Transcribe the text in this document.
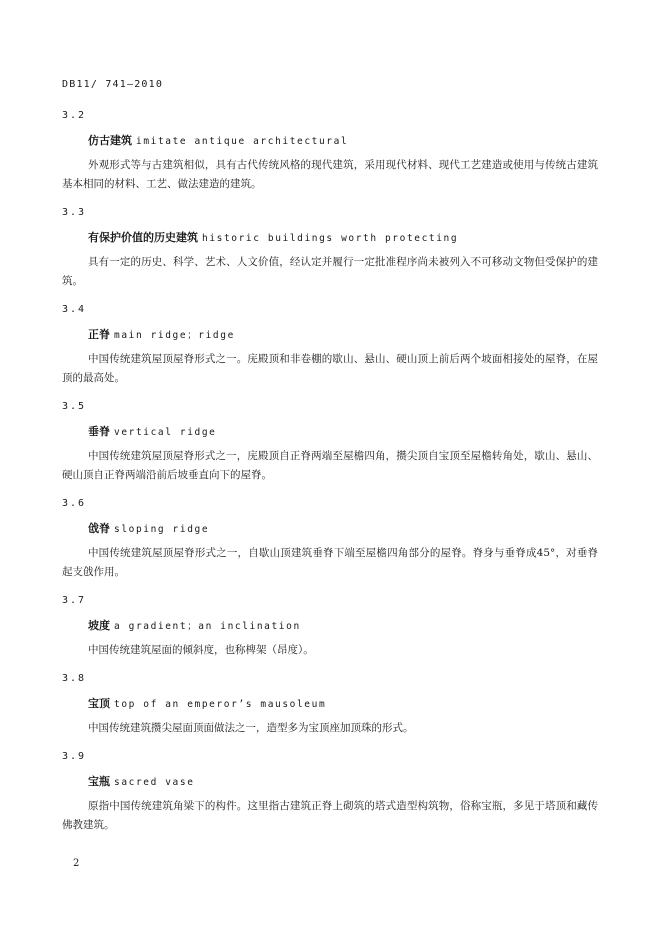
DB11/ 741—2010
3.2
仿古建筑 imitate antique architectural
外观形式等与古建筑相似，具有古代传统风格的现代建筑，采用现代材料、现代工艺建造或使用与传统古建筑基本相同的材料、工艺、做法建造的建筑。
3.3
有保护价值的历史建筑 historic buildings worth protecting
具有一定的历史、科学、艺术、人文价值，经认定并履行一定批准程序尚未被列入不可移动文物但受保护的建筑。
3.4
正脊 main ridge；ridge
中国传统建筑屋顶屋脊形式之一。庑殿顶和非卷棚的歇山、悬山、硬山顶上前后两个坡面相接处的屋脊，在屋顶的最高处。
3.5
垂脊 vertical ridge
中国传统建筑屋顶屋脊形式之一，庑殿顶自正脊两端至屋檐四角，攒尖顶自宝顶至屋檐转角处，歇山、悬山、硬山顶自正脊两端沿前后坡垂直向下的屋脊。
3.6
戗脊 sloping ridge
中国传统建筑屋顶屋脊形式之一，自歇山顶建筑垂脊下端至屋檐四角部分的屋脊。脊身与垂脊成45°，对垂脊起支戗作用。
3.7
坡度 a gradient；an inclination
中国传统建筑屋面的倾斜度，也称椑架（昂度）。
3.8
宝顶 top of an emperor’s mausoleum
中国传统建筑攒尖屋面顶面做法之一，造型多为宝顶座加顶珠的形式。
3.9
宝瓶 sacred vase
原指中国传统建筑角梁下的构件。这里指古建筑正脊上砌筑的塔式造型构筑物，俗称宝瓶，多见于塔顶和藏传佛教建筑。
2
